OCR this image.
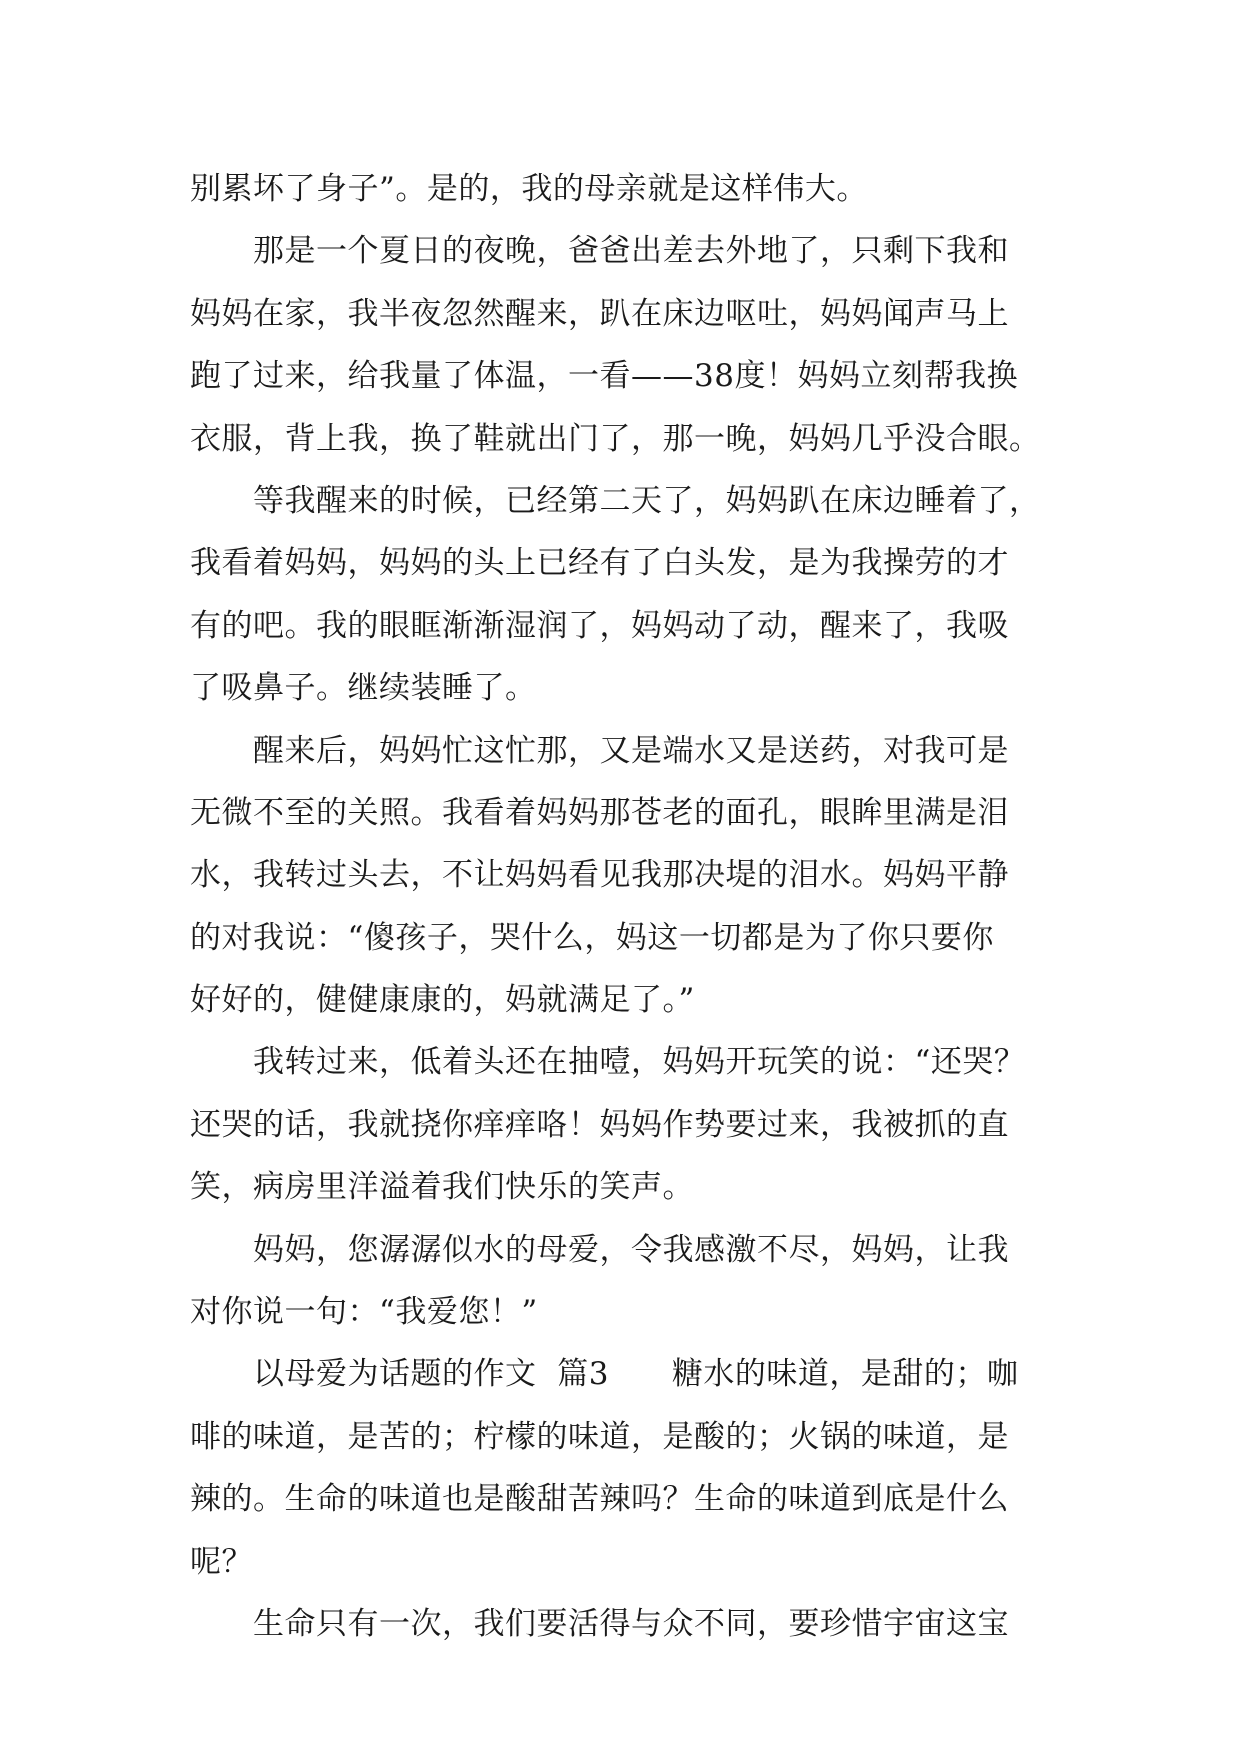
别累坏了身子”。是的，我的母亲就是这样伟大。
　　那是一个夏日的夜晚，爸爸出差去外地了，只剩下我和
妈妈在家，我半夜忽然醒来，趴在床边呕吐，妈妈闻声马上
跑了过来，给我量了体温，一看——38度！妈妈立刻帮我换
衣服，背上我，换了鞋就出门了，那一晚，妈妈几乎没合眼。
　　等我醒来的时候，已经第二天了，妈妈趴在床边睡着了，
我看着妈妈，妈妈的头上已经有了白头发，是为我操劳的才
有的吧。我的眼眶渐渐湿润了，妈妈动了动，醒来了，我吸
了吸鼻子。继续装睡了。
　　醒来后，妈妈忙这忙那，又是端水又是送药，对我可是
无微不至的关照。我看着妈妈那苍老的面孔，眼眸里满是泪
水，我转过头去，不让妈妈看见我那决堤的泪水。妈妈平静
的对我说：“傻孩子，哭什么，妈这一切都是为了你只要你
好好的，健健康康的，妈就满足了。”
　　我转过来，低着头还在抽噎，妈妈开玩笑的说：“还哭？
还哭的话，我就挠你痒痒咯！妈妈作势要过来，我被抓的直
笑，病房里洋溢着我们快乐的笑声。
　　妈妈，您潺潺似水的母爱，令我感激不尽，妈妈，让我
对你说一句：“我爱您！”
　　以母爱为话题的作文  篇3　　糖水的味道，是甜的；咖
啡的味道，是苦的；柠檬的味道，是酸的；火锅的味道，是
辣的。生命的味道也是酸甜苦辣吗？生命的味道到底是什么
呢？
　　生命只有一次，我们要活得与众不同，要珍惜宇宙这宝
